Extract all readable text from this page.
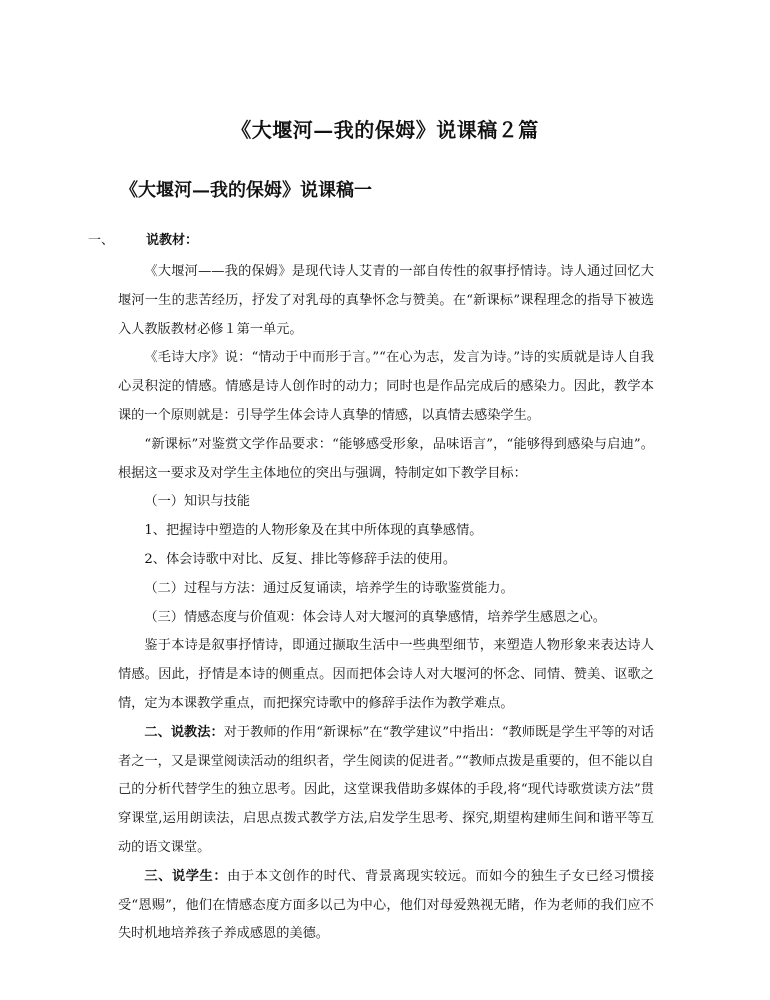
《大堰河—我的保姆》说课稿２篇
《大堰河—我的保姆》说课稿一
一、 说教材：

《大堰河——我的保姆》是现代诗人艾青的一部自传性的叙事抒情诗。诗人通过回忆大堰河一生的悲苦经历，抒发了对乳母的真挚怀念与赞美。在“新课标”课程理念的指导下被选入人教版教材必修１第一单元。

《毛诗大序》说：“情动于中而形于言。”“在心为志，发言为诗。”诗的实质就是诗人自我心灵积淀的情感。情感是诗人创作时的动力；同时也是作品完成后的感染力。因此，教学本课的一个原则就是：引导学生体会诗人真挚的情感，以真情去感染学生。

“新课标”对鉴赏文学作品要求：“能够感受形象，品味语言”，“能够得到感染与启迪”。根据这一要求及对学生主体地位的突出与强调，特制定如下教学目标：

（一）知识与技能

1、把握诗中塑造的人物形象及在其中所体现的真挚感情。

2、体会诗歌中对比、反复、排比等修辞手法的使用。

（二）过程与方法：通过反复诵读，培养学生的诗歌鉴赏能力。

（三）情感态度与价值观：体会诗人对大堰河的真挚感情，培养学生感恩之心。

鉴于本诗是叙事抒情诗，即通过撷取生活中一些典型细节，来塑造人物形象来表达诗人情感。因此，抒情是本诗的侧重点。因而把体会诗人对大堰河的怀念、同情、赞美、讴歌之情，定为本课教学重点，而把探究诗歌中的修辞手法作为教学难点。

二、说教法：对于教师的作用“新课标”在“教学建议”中指出：“教师既是学生平等的对话者之一，又是课堂阅读活动的组织者，学生阅读的促进者。”“教师点拨是重要的，但不能以自己的分析代替学生的独立思考。因此，这堂课我借助多媒体的手段,将“现代诗歌赏读方法”贯穿课堂,运用朗读法，启思点拨式教学方法,启发学生思考、探究,期望构建师生间和谐平等互动的语文课堂。

三、说学生：由于本文创作的时代、背景离现实较远。而如今的独生子女已经习惯接受“恩赐”，他们在情感态度方面多以己为中心，他们对母爱熟视无睹，作为老师的我们应不失时机地培养孩子养成感恩的美德。
